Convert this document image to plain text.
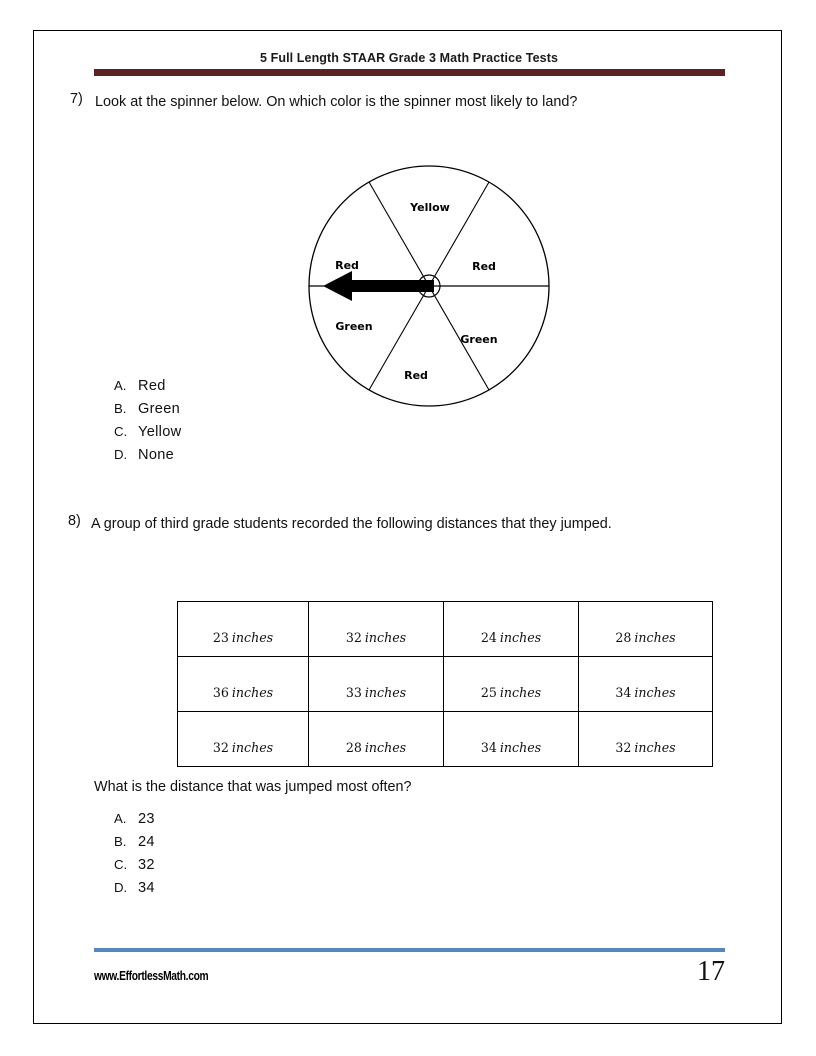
5 Full Length STAAR Grade 3 Math Practice Tests
7) Look at the spinner below. On which color is the spinner most likely to land?
Yellow
Red
Green
Red
Green
Red
A. Red
B. Green
C. Yellow
D. None
8) A group of third grade students recorded the following distances that they jumped.
23 inches	32 inches	24 inches	28 inches

36 inches	33 inches	25 inches	34 inches

32 inches	28 inches	34 inches	32 inches
What is the distance that was jumped most often?
A. 23
B. 24
C. 32
D. 34
www.EffortlessMath.com	17
